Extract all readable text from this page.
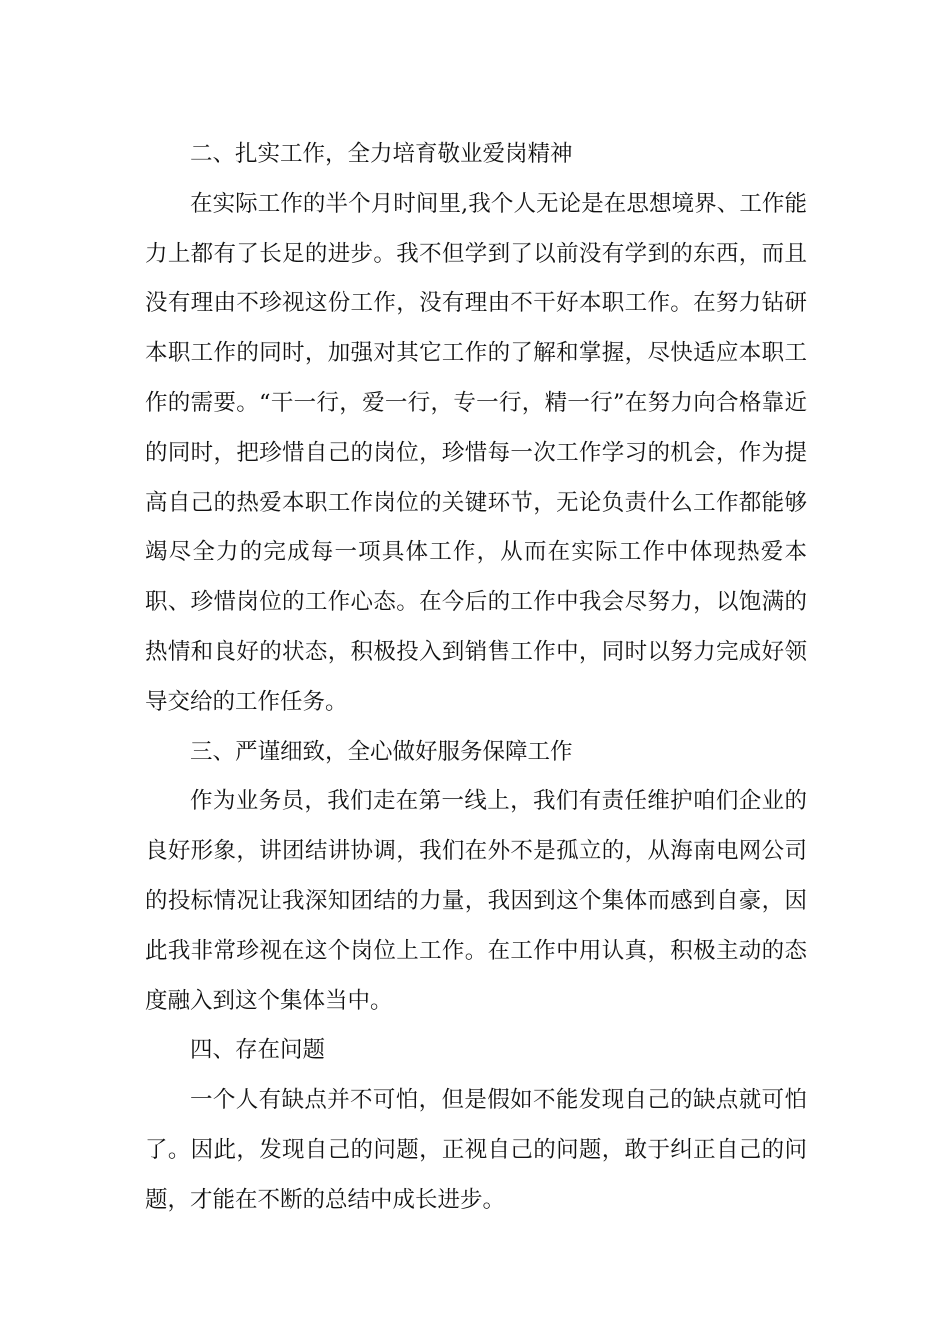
二、扎实工作，全力培育敬业爱岗精神

在实际工作的半个月时间里,我个人无论是在思想境界、工作能力上都有了长足的进步。我不但学到了以前没有学到的东西，而且没有理由不珍视这份工作，没有理由不干好本职工作。在努力钻研本职工作的同时，加强对其它工作的了解和掌握，尽快适应本职工作的需要。“干一行，爱一行，专一行，精一行”在努力向合格靠近的同时，把珍惜自己的岗位，珍惜每一次工作学习的机会，作为提高自己的热爱本职工作岗位的关键环节，无论负责什么工作都能够竭尽全力的完成每一项具体工作，从而在实际工作中体现热爱本职、珍惜岗位的工作心态。在今后的工作中我会尽努力，以饱满的热情和良好的状态，积极投入到销售工作中，同时以努力完成好领导交给的工作任务。

三、严谨细致，全心做好服务保障工作

作为业务员，我们走在第一线上，我们有责任维护咱们企业的良好形象，讲团结讲协调，我们在外不是孤立的，从海南电网公司的投标情况让我深知团结的力量，我因到这个集体而感到自豪，因此我非常珍视在这个岗位上工作。在工作中用认真，积极主动的态度融入到这个集体当中。

四、存在问题

一个人有缺点并不可怕，但是假如不能发现自己的缺点就可怕了。因此，发现自己的问题，正视自己的问题，敢于纠正自己的问题，才能在不断的总结中成长进步。
